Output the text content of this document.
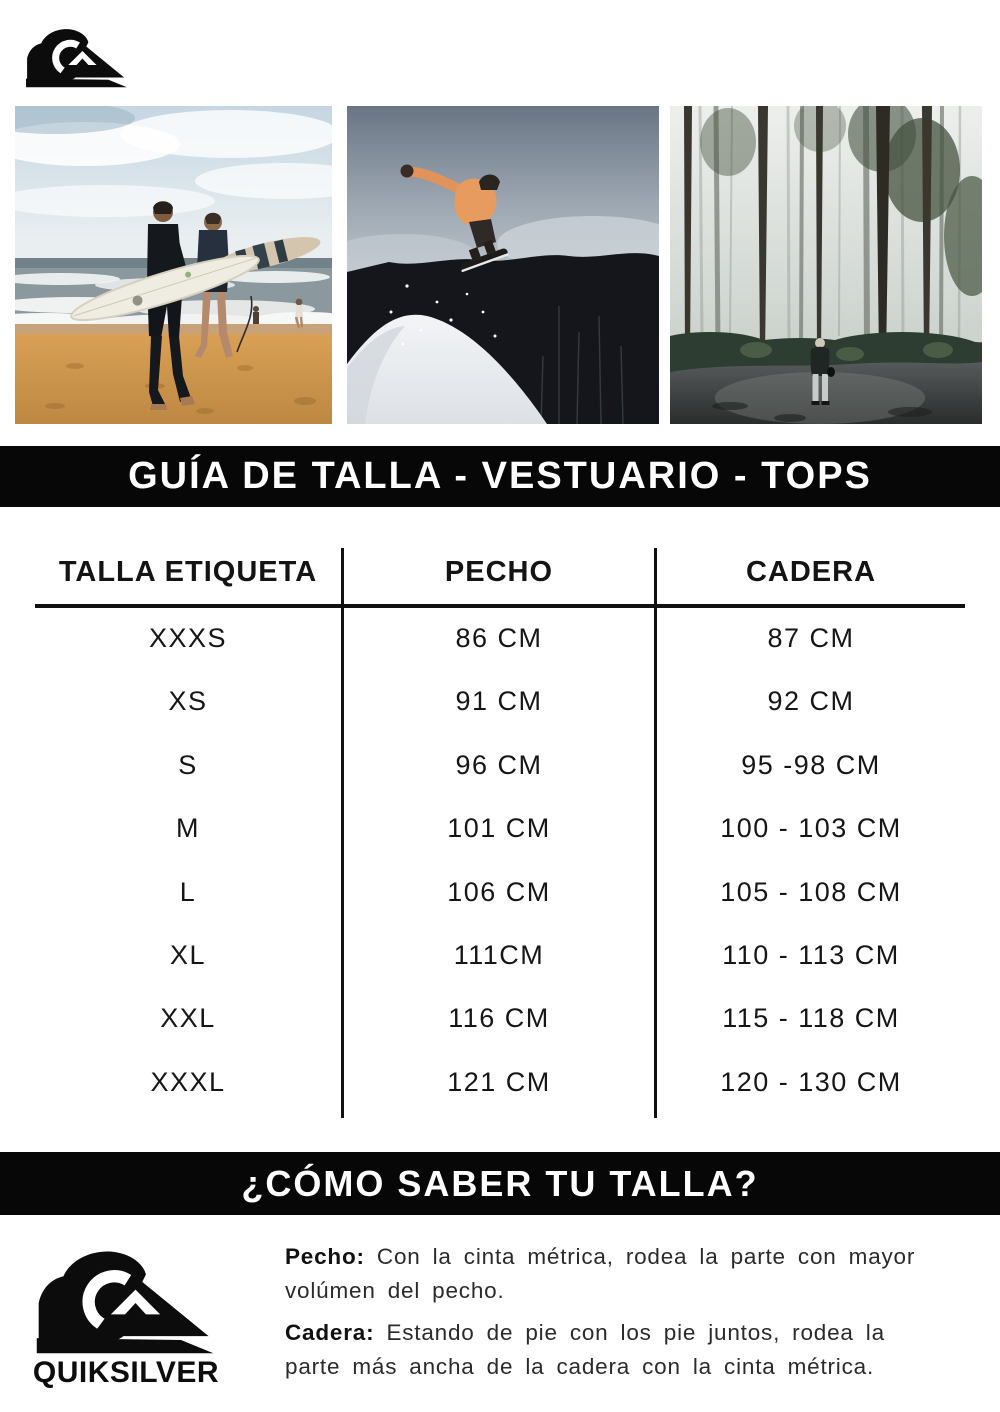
GUÍA DE TALLA - VESTUARIO - TOPS
TALLA ETIQUETA	PECHO	CADERA
XXXS	86 CM	87 CM
XS	91 CM	92 CM
S	96 CM	95 -98 CM
M	101 CM	100 - 103 CM
L	106 CM	105 - 108 CM
XL	111CM	110 - 113 CM
XXL	116 CM	115 - 118 CM
XXXL	121 CM	120 - 130 CM
¿CÓMO SABER TU TALLA?
QUIKSILVER
Pecho: Con la cinta métrica, rodea la parte con mayor volúmen del pecho.
Cadera: Estando de pie con los pie juntos, rodea la parte más ancha de la cadera con la cinta métrica.
